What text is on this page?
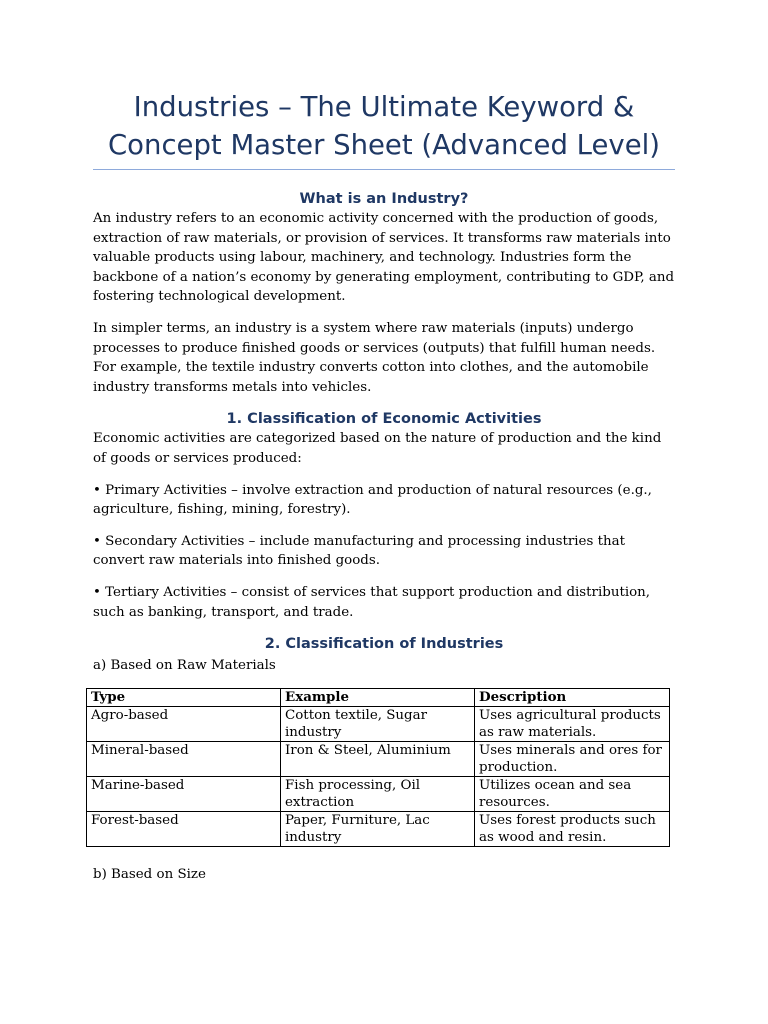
Industries – The Ultimate Keyword & Concept Master Sheet (Advanced Level)
What is an Industry?

An industry refers to an economic activity concerned with the production of goods, extraction of raw materials, or provision of services. It transforms raw materials into valuable products using labour, machinery, and technology. Industries form the backbone of a nation’s economy by generating employment, contributing to GDP, and fostering technological development.

In simpler terms, an industry is a system where raw materials (inputs) undergo processes to produce finished goods or services (outputs) that fulfill human needs. For example, the textile industry converts cotton into clothes, and the automobile industry transforms metals into vehicles.

1. Classification of Economic Activities

Economic activities are categorized based on the nature of production and the kind of goods or services produced:

• Primary Activities – involve extraction and production of natural resources (e.g., agriculture, fishing, mining, forestry).

• Secondary Activities – include manufacturing and processing industries that convert raw materials into finished goods.

• Tertiary Activities – consist of services that support production and distribution, such as banking, transport, and trade.

2. Classification of Industries

a) Based on Raw Materials

Type	Example	Description
Agro-based	Cotton textile, Sugar industry	Uses agricultural products as raw materials.
Mineral-based	Iron & Steel, Aluminium	Uses minerals and ores for production.
Marine-based	Fish processing, Oil extraction	Utilizes ocean and sea resources.
Forest-based	Paper, Furniture, Lac industry	Uses forest products such as wood and resin.

b) Based on Size
